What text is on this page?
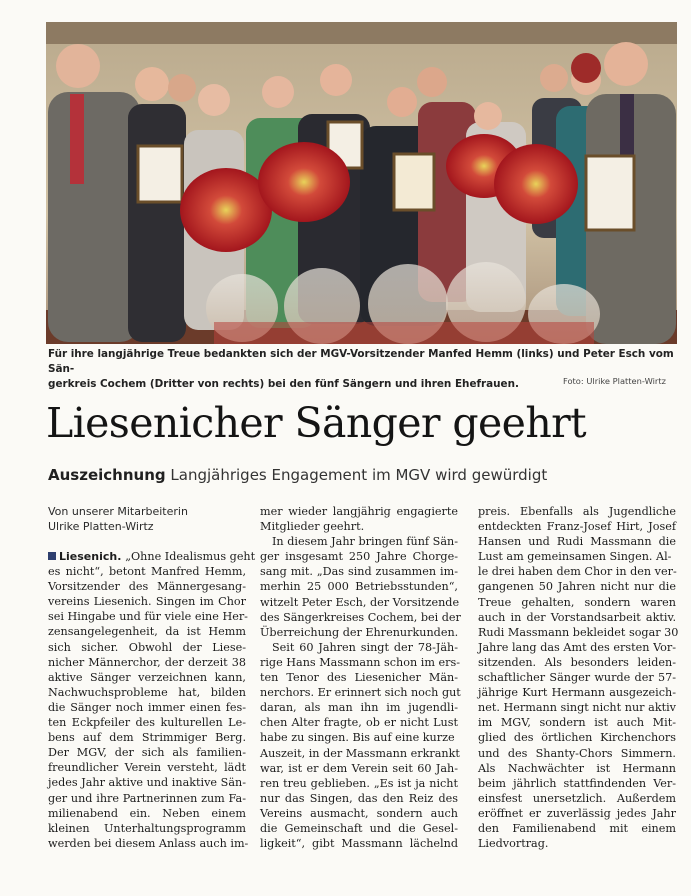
Für ihre langjährige Treue bedankten sich der MGV-Vorsitzender Manfed Hemm (links) und Peter Esch vom Sän-
gerkreis Cochem (Dritter von rechts) bei den fünf Sängern und ihren Ehefrauen.	Foto: Ulrike Platten-Wirtz
Liesenicher Sänger geehrt
Auszeichnung Langjähriges Engagement im MGV wird gewürdigt
Von unserer Mitarbeiterin
Ulrike Platten-Wirtz
Liesenich. „Ohne Idealismus geht
es nicht“, betont Manfred Hemm,
Vorsitzender des Männergesang-
vereins Liesenich. Singen im Chor
sei Hingabe und für viele eine Her-
zensangelegenheit, da ist Hemm
sich sicher. Obwohl der Liese-
nicher Männerchor, der derzeit 38
aktive Sänger verzeichnen kann,
Nachwuchsprobleme hat, bilden
die Sänger noch immer einen fes-
ten Eckpfeiler des kulturellen Le-
bens auf dem Strimmiger Berg.
Der MGV, der sich als familien-
freundlicher Verein versteht, lädt
jedes Jahr aktive und inaktive Sän-
ger und ihre Partnerinnen zum Fa-
milienabend ein. Neben einem
kleinen Unterhaltungsprogramm
werden bei diesem Anlass auch im-
mer wieder langjährig engagierte
Mitglieder geehrt.
In diesem Jahr bringen fünf Sän-
ger insgesamt 250 Jahre Chorge-
sang mit. „Das sind zusammen im-
merhin 25 000 Betriebsstunden“,
witzelt Peter Esch, der Vorsitzende
des Sängerkreises Cochem, bei der
Überreichung der Ehrenurkunden.
Seit 60 Jahren singt der 78-Jäh-
rige Hans Massmann schon im ers-
ten Tenor des Liesenicher Män-
nerchors. Er erinnert sich noch gut
daran, als man ihn im jugendli-
chen Alter fragte, ob er nicht Lust
habe zu singen. Bis auf eine kurze
Auszeit, in der Massmann erkrankt
war, ist er dem Verein seit 60 Jah-
ren treu geblieben. „Es ist ja nicht
nur das Singen, das den Reiz des
Vereins ausmacht, sondern auch
die Gemeinschaft und die Gesel-
ligkeit“, gibt Massmann lächelnd
preis. Ebenfalls als Jugendliche
entdeckten Franz-Josef Hirt, Josef
Hansen und Rudi Massmann die
Lust am gemeinsamen Singen. Al-
le drei haben dem Chor in den ver-
gangenen 50 Jahren nicht nur die
Treue gehalten, sondern waren
auch in der Vorstandsarbeit aktiv.
Rudi Massmann bekleidet sogar 30
Jahre lang das Amt des ersten Vor-
sitzenden. Als besonders leiden-
schaftlicher Sänger wurde der 57-
jährige Kurt Hermann ausgezeich-
net. Hermann singt nicht nur aktiv
im MGV, sondern ist auch Mit-
glied des örtlichen Kirchenchors
und des Shanty-Chors Simmern.
Als Nachwächter ist Hermann
beim jährlich stattfindenden Ver-
einsfest unersetzlich. Außerdem
eröffnet er zuverlässig jedes Jahr
den Familienabend mit einem
Liedvortrag.
